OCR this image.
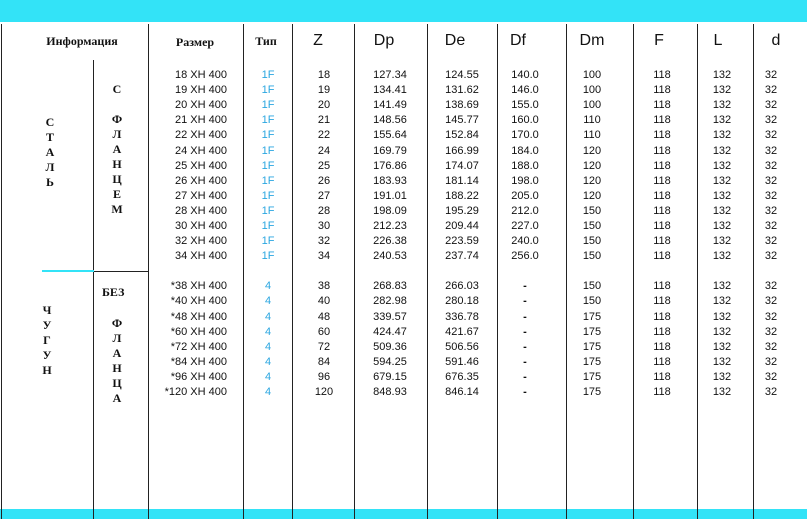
Информация	Размер	Тип	Z	Dp	De	Df	Dm	F	L	d
С
Т
А
Л
Ь
С
Ф
Л
А
Н
Ц
Е
М
Ч
У
Г
У
Н
БЕЗ
Ф
Л
А
Н
Ц
А
18 ХН 400	1F	18	127.34	124.55	140.0	100	118	132	32
19 ХН 400	1F	19	134.41	131.62	146.0	100	118	132	32
20 ХН 400	1F	20	141.49	138.69	155.0	100	118	132	32
21 ХН 400	1F	21	148.56	145.77	160.0	110	118	132	32
22 ХН 400	1F	22	155.64	152.84	170.0	110	118	132	32
24 ХН 400	1F	24	169.79	166.99	184.0	120	118	132	32
25 ХН 400	1F	25	176.86	174.07	188.0	120	118	132	32
26 ХН 400	1F	26	183.93	181.14	198.0	120	118	132	32
27 ХН 400	1F	27	191.01	188.22	205.0	120	118	132	32
28 ХН 400	1F	28	198.09	195.29	212.0	150	118	132	32
30 ХН 400	1F	30	212.23	209.44	227.0	150	118	132	32
32 ХН 400	1F	32	226.38	223.59	240.0	150	118	132	32
34 ХН 400	1F	34	240.53	237.74	256.0	150	118	132	32
*38 ХН 400	4	38	268.83	266.03	-	150	118	132	32
*40 ХН 400	4	40	282.98	280.18	-	150	118	132	32
*48 ХН 400	4	48	339.57	336.78	-	175	118	132	32
*60 ХН 400	4	60	424.47	421.67	-	175	118	132	32
*72 ХН 400	4	72	509.36	506.56	-	175	118	132	32
*84 ХН 400	4	84	594.25	591.46	-	175	118	132	32
*96 ХН 400	4	96	679.15	676.35	-	175	118	132	32
*120 ХН 400	4	120	848.93	846.14	-	175	118	132	32
